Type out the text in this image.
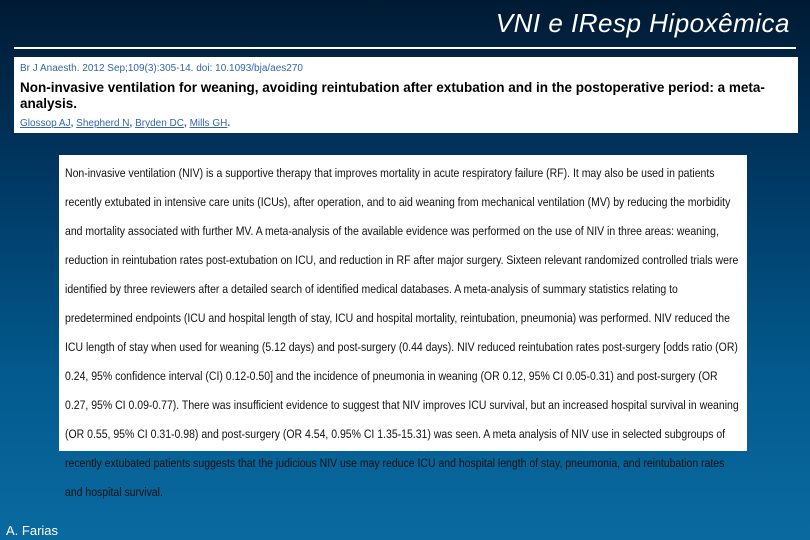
VNI e IResp Hipoxêmica
Br J Anaesth. 2012 Sep;109(3):305-14. doi: 10.1093/bja/aes270
Non-invasive ventilation for weaning, avoiding reintubation after extubation and in the postoperative period: a meta-analysis.
Glossop AJ, Shepherd N, Bryden DC, Mills GH.
Non-invasive ventilation (NIV) is a supportive therapy that improves mortality in acute respiratory failure (RF). It may also be used in patients recently extubated in intensive care units (ICUs), after operation, and to aid weaning from mechanical ventilation (MV) by reducing the morbidity and mortality associated with further MV. A meta-analysis of the available evidence was performed on the use of NIV in three areas: weaning, reduction in reintubation rates post-extubation on ICU, and reduction in RF after major surgery. Sixteen relevant randomized controlled trials were identified by three reviewers after a detailed search of identified medical databases. A meta-analysis of summary statistics relating to predetermined endpoints (ICU and hospital length of stay, ICU and hospital mortality, reintubation, pneumonia) was performed. NIV reduced the ICU length of stay when used for weaning (5.12 days) and post-surgery (0.44 days). NIV reduced reintubation rates post-surgery [odds ratio (OR) 0.24, 95% confidence interval (CI) 0.12-0.50] and the incidence of pneumonia in weaning (OR 0.12, 95% CI 0.05-0.31) and post-surgery (OR 0.27, 95% CI 0.09-0.77). There was insufficient evidence to suggest that NIV improves ICU survival, but an increased hospital survival in weaning (OR 0.55, 95% CI 0.31-0.98) and post-surgery (OR 4.54, 0.95% CI 1.35-15.31) was seen. A meta analysis of NIV use in selected subgroups of recently extubated patients suggests that the judicious NIV use may reduce ICU and hospital length of stay, pneumonia, and reintubation rates and hospital survival.
A. Farias
